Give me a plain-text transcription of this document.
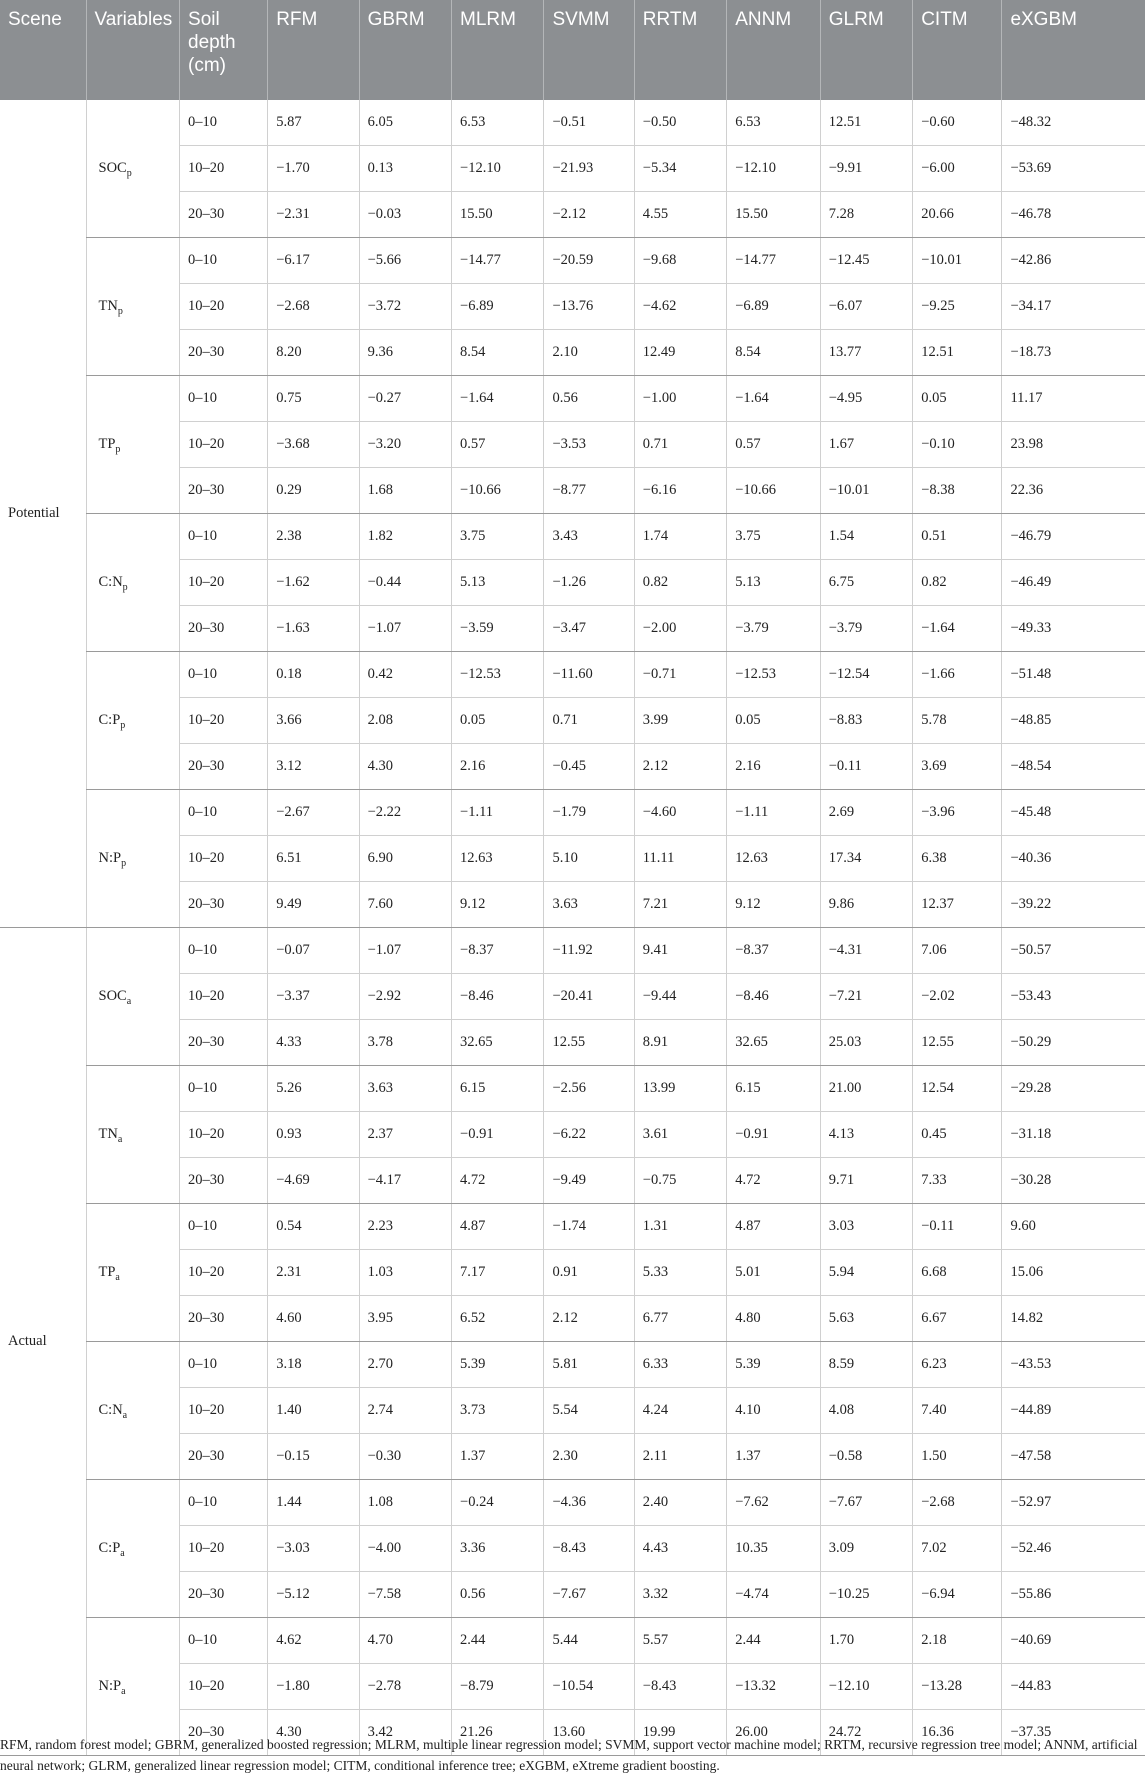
Scene	Variables	Soil depth (cm)	RFM	GBRM	MLRM	SVMM	RRTM	ANNM	GLRM	CITM	eXGBM
Potential	$SOC_p$	0–10	5.87	6.05	6.53	−0.51	−0.50	6.53	12.51	−0.60	−48.32
		10–20	−1.70	0.13	−12.10	−21.93	−5.34	−12.10	−9.91	−6.00	−53.69
		20–30	−2.31	−0.03	15.50	−2.12	4.55	15.50	7.28	20.66	−46.78
	$TN_p$	0–10	−6.17	−5.66	−14.77	−20.59	−9.68	−14.77	−12.45	−10.01	−42.86
		10–20	−2.68	−3.72	−6.89	−13.76	−4.62	−6.89	−6.07	−9.25	−34.17
		20–30	8.20	9.36	8.54	2.10	12.49	8.54	13.77	12.51	−18.73
	$TP_p$	0–10	0.75	−0.27	−1.64	0.56	−1.00	−1.64	−4.95	0.05	11.17
		10–20	−3.68	−3.20	0.57	−3.53	0.71	0.57	1.67	−0.10	23.98
		20–30	0.29	1.68	−10.66	−8.77	−6.16	−10.66	−10.01	−8.38	22.36
	$C:N_p$	0–10	2.38	1.82	3.75	3.43	1.74	3.75	1.54	0.51	−46.79
		10–20	−1.62	−0.44	5.13	−1.26	0.82	5.13	6.75	0.82	−46.49
		20–30	−1.63	−1.07	−3.59	−3.47	−2.00	−3.79	−3.79	−1.64	−49.33
	$C:P_p$	0–10	0.18	0.42	−12.53	−11.60	−0.71	−12.53	−12.54	−1.66	−51.48
		10–20	3.66	2.08	0.05	0.71	3.99	0.05	−8.83	5.78	−48.85
		20–30	3.12	4.30	2.16	−0.45	2.12	2.16	−0.11	3.69	−48.54
	$N:P_p$	0–10	−2.67	−2.22	−1.11	−1.79	−4.60	−1.11	2.69	−3.96	−45.48
		10–20	6.51	6.90	12.63	5.10	11.11	12.63	17.34	6.38	−40.36
		20–30	9.49	7.60	9.12	3.63	7.21	9.12	9.86	12.37	−39.22
Actual	$SOC_a$	0–10	−0.07	−1.07	−8.37	−11.92	9.41	−8.37	−4.31	7.06	−50.57
		10–20	−3.37	−2.92	−8.46	−20.41	−9.44	−8.46	−7.21	−2.02	−53.43
		20–30	4.33	3.78	32.65	12.55	8.91	32.65	25.03	12.55	−50.29
	$TN_a$	0–10	5.26	3.63	6.15	−2.56	13.99	6.15	21.00	12.54	−29.28
		10–20	0.93	2.37	−0.91	−6.22	3.61	−0.91	4.13	0.45	−31.18
		20–30	−4.69	−4.17	4.72	−9.49	−0.75	4.72	9.71	7.33	−30.28
	$TP_a$	0–10	0.54	2.23	4.87	−1.74	1.31	4.87	3.03	−0.11	9.60
		10–20	2.31	1.03	7.17	0.91	5.33	5.01	5.94	6.68	15.06
		20–30	4.60	3.95	6.52	2.12	6.77	4.80	5.63	6.67	14.82
	$C:N_a$	0–10	3.18	2.70	5.39	5.81	6.33	5.39	8.59	6.23	−43.53
		10–20	1.40	2.74	3.73	5.54	4.24	4.10	4.08	7.40	−44.89
		20–30	−0.15	−0.30	1.37	2.30	2.11	1.37	−0.58	1.50	−47.58
	$C:P_a$	0–10	1.44	1.08	−0.24	−4.36	2.40	−7.62	−7.67	−2.68	−52.97
		10–20	−3.03	−4.00	3.36	−8.43	4.43	10.35	3.09	7.02	−52.46
		20–30	−5.12	−7.58	0.56	−7.67	3.32	−4.74	−10.25	−6.94	−55.86
	$N:P_a$	0–10	4.62	4.70	2.44	5.44	5.57	2.44	1.70	2.18	−40.69
		10–20	−1.80	−2.78	−8.79	−10.54	−8.43	−13.32	−12.10	−13.28	−44.83
		20–30	4.30	3.42	21.26	13.60	19.99	26.00	24.72	16.36	−37.35

RFM, random forest model; GBRM, generalized boosted regression; MLRM, multiple linear regression model; SVMM, support vector machine model; RRTM, recursive regression tree model; ANNM, artificial neural network; GLRM, generalized linear regression model; CITM, conditional inference tree; eXGBM, eXtreme gradient boosting.
